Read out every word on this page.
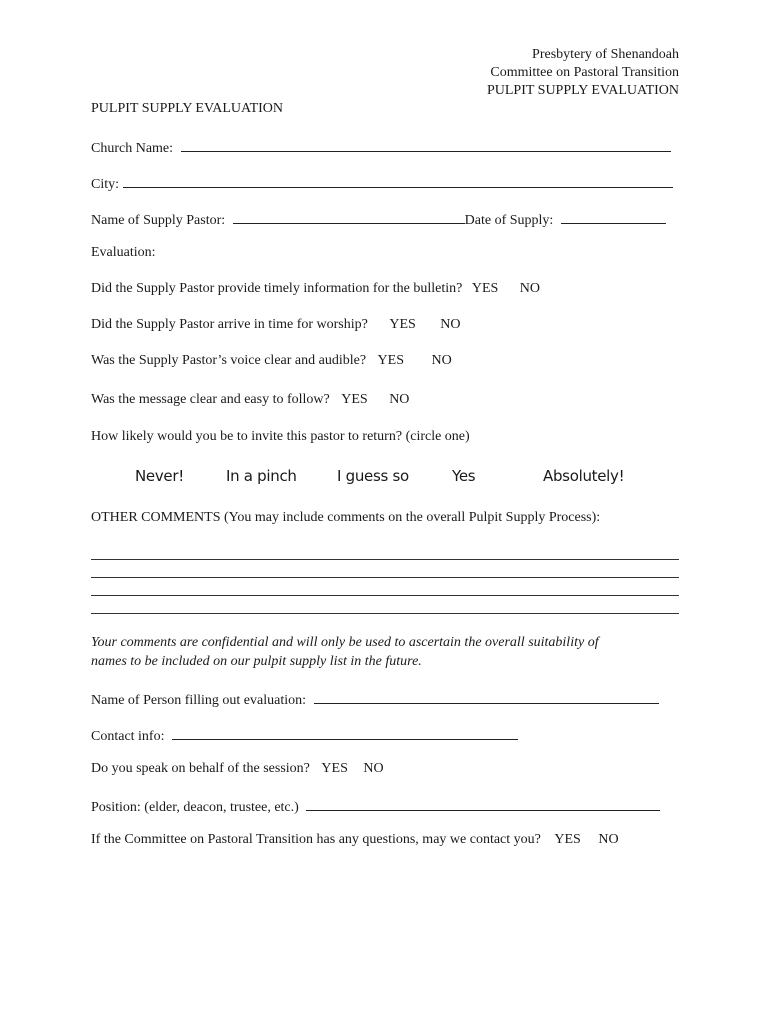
Presbytery of Shenandoah
Committee on Pastoral Transition
PULPIT SUPPLY EVALUATION
PULPIT SUPPLY EVALUATION
Church Name:
City:
Name of Supply Pastor:	Date of Supply:
Evaluation:
Did the Supply Pastor provide timely information for the bulletin? YES NO
Did the Supply Pastor arrive in time for worship? YES NO
Was the Supply Pastor’s voice clear and audible? YES NO
Was the message clear and easy to follow? YES NO
How likely would you be to invite this pastor to return? (circle one)
Never!	In a pinch	I guess so	Yes	Absolutely!
OTHER COMMENTS (You may include comments on the overall Pulpit Supply Process):
Your comments are confidential and will only be used to ascertain the overall suitability of
names to be included on our pulpit supply list in the future.
Name of Person filling out evaluation:
Contact info:
Do you speak on behalf of the session? YES NO
Position: (elder, deacon, trustee, etc.)
If the Committee on Pastoral Transition has any questions, may we contact you? YES NO
